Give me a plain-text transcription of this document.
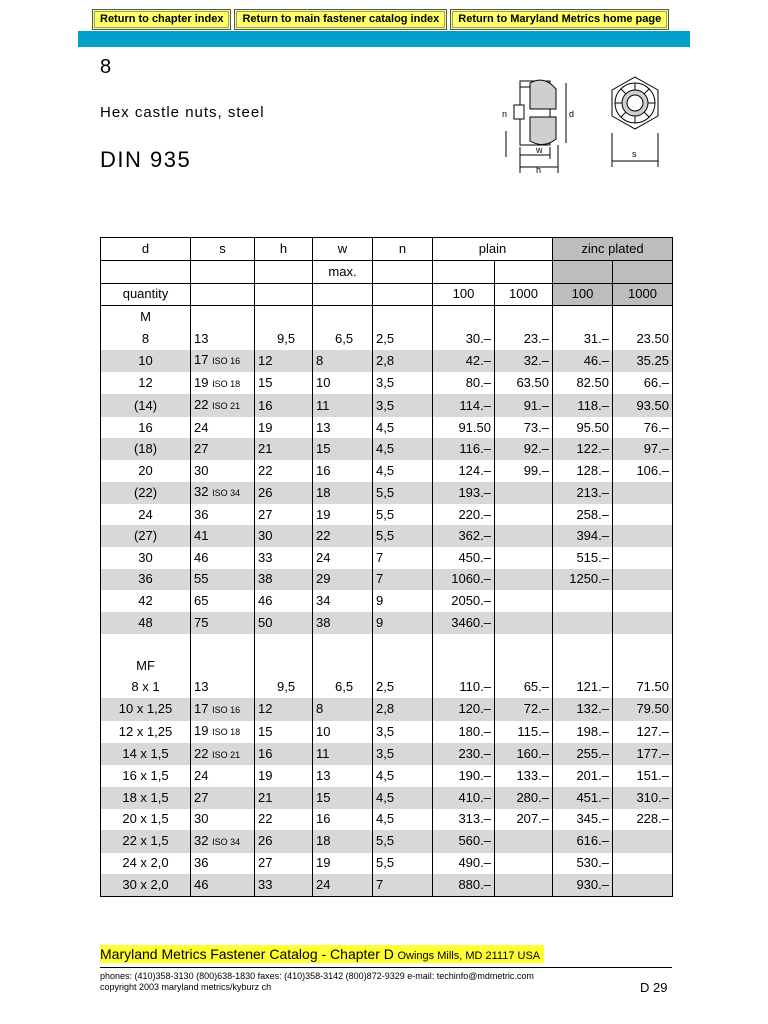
Return to chapter index	Return to main fastener catalog index	Return to Maryland Metrics home page
8
Hex castle nuts, steel
DIN 935
n	d
w
h
s
d	s	h	w	n	plain		zinc plated	
			max.					
quantity					100	1000	100	1000
M								
8	13	9,5	6,5	2,5	30.–	23.–	31.–	23.50
10	17 ISO 16	12	8	2,8	42.–	32.–	46.–	35.25
12	19 ISO 18	15	10	3,5	80.–	63.50	82.50	66.–
(14)	22 ISO 21	16	11	3,5	114.–	91.–	118.–	93.50
16	24	19	13	4,5	91.50	73.–	95.50	76.–
(18)	27	21	15	4,5	116.–	92.–	122.–	97.–
20	30	22	16	4,5	124.–	99.–	128.–	106.–
(22)	32 ISO 34	26	18	5,5	193.–		213.–	
24	36	27	19	5,5	220.–		258.–	
(27)	41	30	22	5,5	362.–		394.–	
30	46	33	24	7	450.–		515.–	
36	55	38	29	7	1060.–		1250.–	
42	65	46	34	9	2050.–			
48	75	50	38	9	3460.–			

MF								
8 x 1	13	9,5	6,5	2,5	110.–	65.–	121.–	71.50
10 x 1,25	17 ISO 16	12	8	2,8	120.–	72.–	132.–	79.50
12 x 1,25	19 ISO 18	15	10	3,5	180.–	115.–	198.–	127.–
14 x 1,5	22 ISO 21	16	11	3,5	230.–	160.–	255.–	177.–
16 x 1,5	24	19	13	4,5	190.–	133.–	201.–	151.–
18 x 1,5	27	21	15	4,5	410.–	280.–	451.–	310.–
20 x 1,5	30	22	16	4,5	313.–	207.–	345.–	228.–
22 x 1,5	32 ISO 34	26	18	5,5	560.–		616.–	
24 x 2,0	36	27	19	5,5	490.–		530.–	
30 x 2,0	46	33	24	7	880.–		930.–	

Maryland Metrics Fastener Catalog - Chapter D Owings Mills, MD 21117 USA
phones: (410)358-3130 (800)638-1830 faxes: (410)358-3142 (800)872-9329 e-mail: techinfo@mdmetric.com
copyright 2003 maryland metrics/kyburz ch	D 29
